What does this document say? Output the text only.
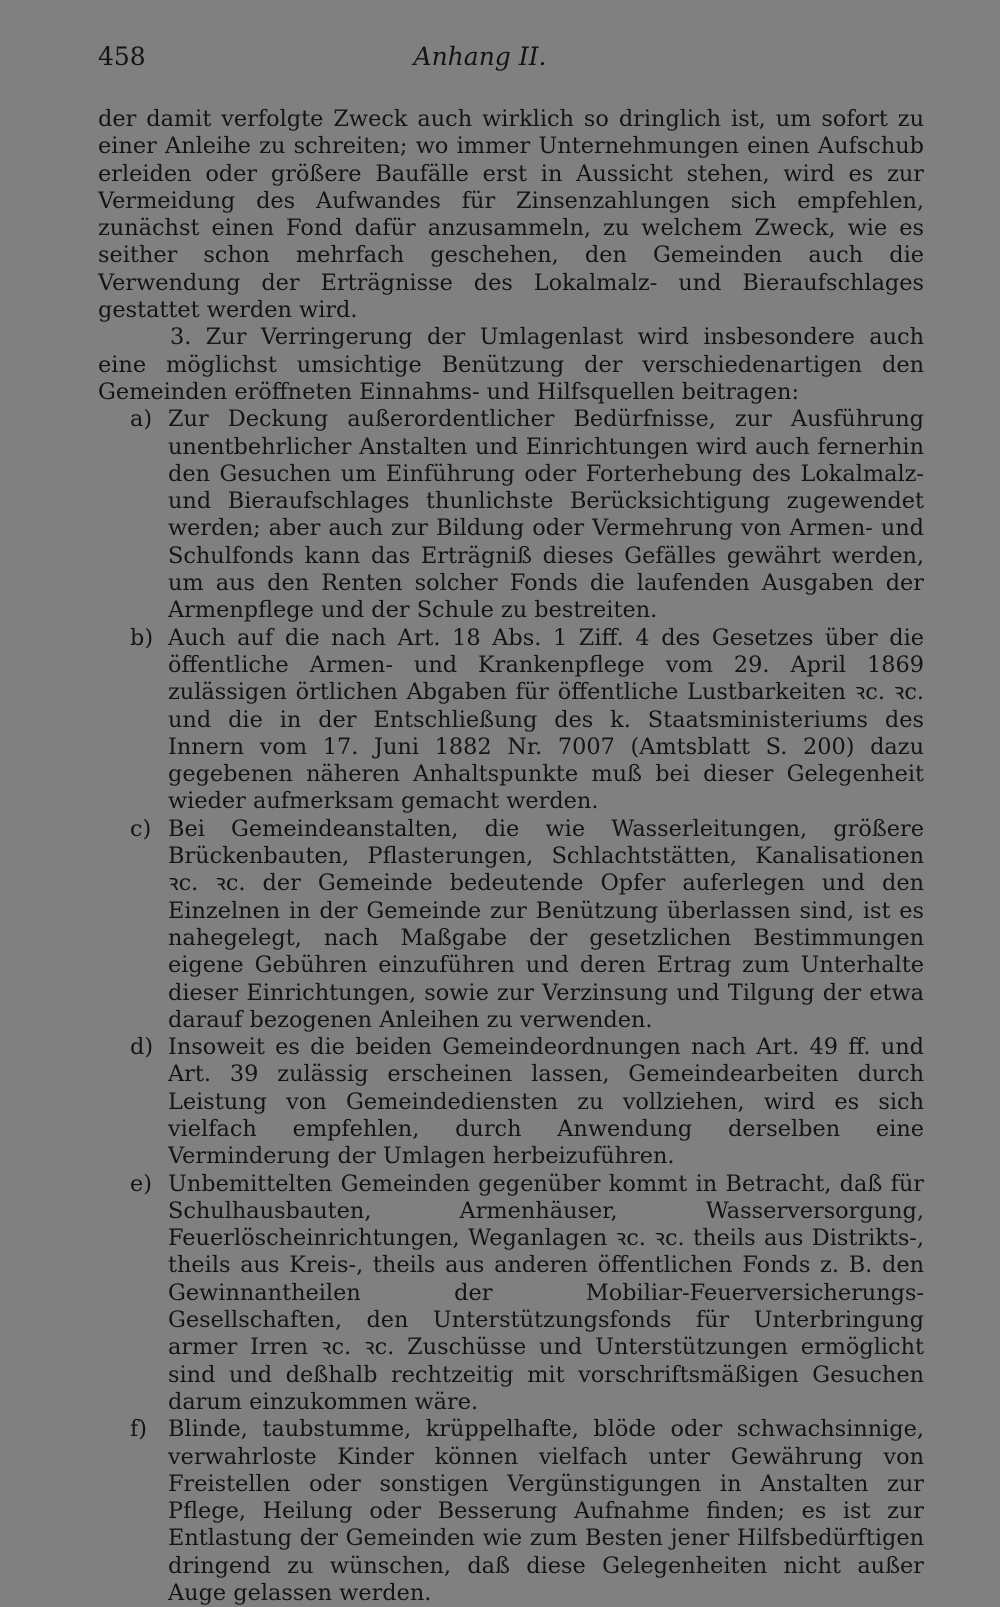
458	Anhang II.

der damit verfolgte Zweck auch wirklich so dringlich ist, um sofort zu einer Anleihe zu schreiten; wo immer Unternehmungen einen Aufschub erleiden oder größere Baufälle erst in Aussicht stehen, wird es zur Vermeidung des Aufwandes für Zinsenzahlungen sich empfehlen, zunächst einen Fond dafür anzusammeln, zu welchem Zweck, wie es seither schon mehrfach geschehen, den Gemeinden auch die Verwendung der Erträgnisse des Lokalmalz- und Bieraufschlages gestattet werden wird.

3. Zur Verringerung der Umlagenlast wird insbesondere auch eine möglichst umsichtige Benützung der verschiedenartigen den Gemeinden eröffneten Einnahms- und Hilfsquellen beitragen:

a) Zur Deckung außerordentlicher Bedürfnisse, zur Ausführung unentbehrlicher Anstalten und Einrichtungen wird auch fernerhin den Gesuchen um Einführung oder Forterhebung des Lokalmalz- und Bieraufschlages thunlichste Berücksichtigung zugewendet werden; aber auch zur Bildung oder Vermehrung von Armen- und Schulfonds kann das Erträgniß dieses Gefälles gewährt werden, um aus den Renten solcher Fonds die laufenden Ausgaben der Armenpflege und der Schule zu bestreiten.
b) Auch auf die nach Art. 18 Abs. 1 Ziff. 4 des Gesetzes über die öffentliche Armen- und Krankenpflege vom 29. April 1869 zulässigen örtlichen Abgaben für öffentliche Lustbarkeiten ꝛc. ꝛc. und die in der Entschließung des k. Staatsministeriums des Innern vom 17. Juni 1882 Nr. 7007 (Amtsblatt S. 200) dazu gegebenen näheren Anhaltspunkte muß bei dieser Gelegenheit wieder aufmerksam gemacht werden.
c) Bei Gemeindeanstalten, die wie Wasserleitungen, größere Brückenbauten, Pflasterungen, Schlachtstätten, Kanalisationen ꝛc. ꝛc. der Gemeinde bedeutende Opfer auferlegen und den Einzelnen in der Gemeinde zur Benützung überlassen sind, ist es nahegelegt, nach Maßgabe der gesetzlichen Bestimmungen eigene Gebühren einzuführen und deren Ertrag zum Unterhalte dieser Einrichtungen, sowie zur Verzinsung und Tilgung der etwa darauf bezogenen Anleihen zu verwenden.
d) Insoweit es die beiden Gemeindeordnungen nach Art. 49 ff. und Art. 39 zulässig erscheinen lassen, Gemeindearbeiten durch Leistung von Gemeindediensten zu vollziehen, wird es sich vielfach empfehlen, durch Anwendung derselben eine Verminderung der Umlagen herbeizuführen.
e) Unbemittelten Gemeinden gegenüber kommt in Betracht, daß für Schulhausbauten, Armenhäuser, Wasserversorgung, Feuerlöscheinrichtungen, Weganlagen ꝛc. ꝛc. theils aus Distrikts-, theils aus Kreis-, theils aus anderen öffentlichen Fonds z. B. den Gewinnantheilen der Mobiliar-Feuerversicherungs-Gesellschaften, den Unterstützungsfonds für Unterbringung armer Irren ꝛc. ꝛc. Zuschüsse und Unterstützungen ermöglicht sind und deßhalb rechtzeitig mit vorschriftsmäßigen Gesuchen darum einzukommen wäre.
f) Blinde, taubstumme, krüppelhafte, blöde oder schwachsinnige, verwahrloste Kinder können vielfach unter Gewährung von Freistellen oder sonstigen Vergünstigungen in Anstalten zur Pflege, Heilung oder Besserung Aufnahme finden; es ist zur Entlastung der Gemeinden wie zum Besten jener Hilfsbedürftigen dringend zu wünschen, daß diese Gelegenheiten nicht außer Auge gelassen werden.
